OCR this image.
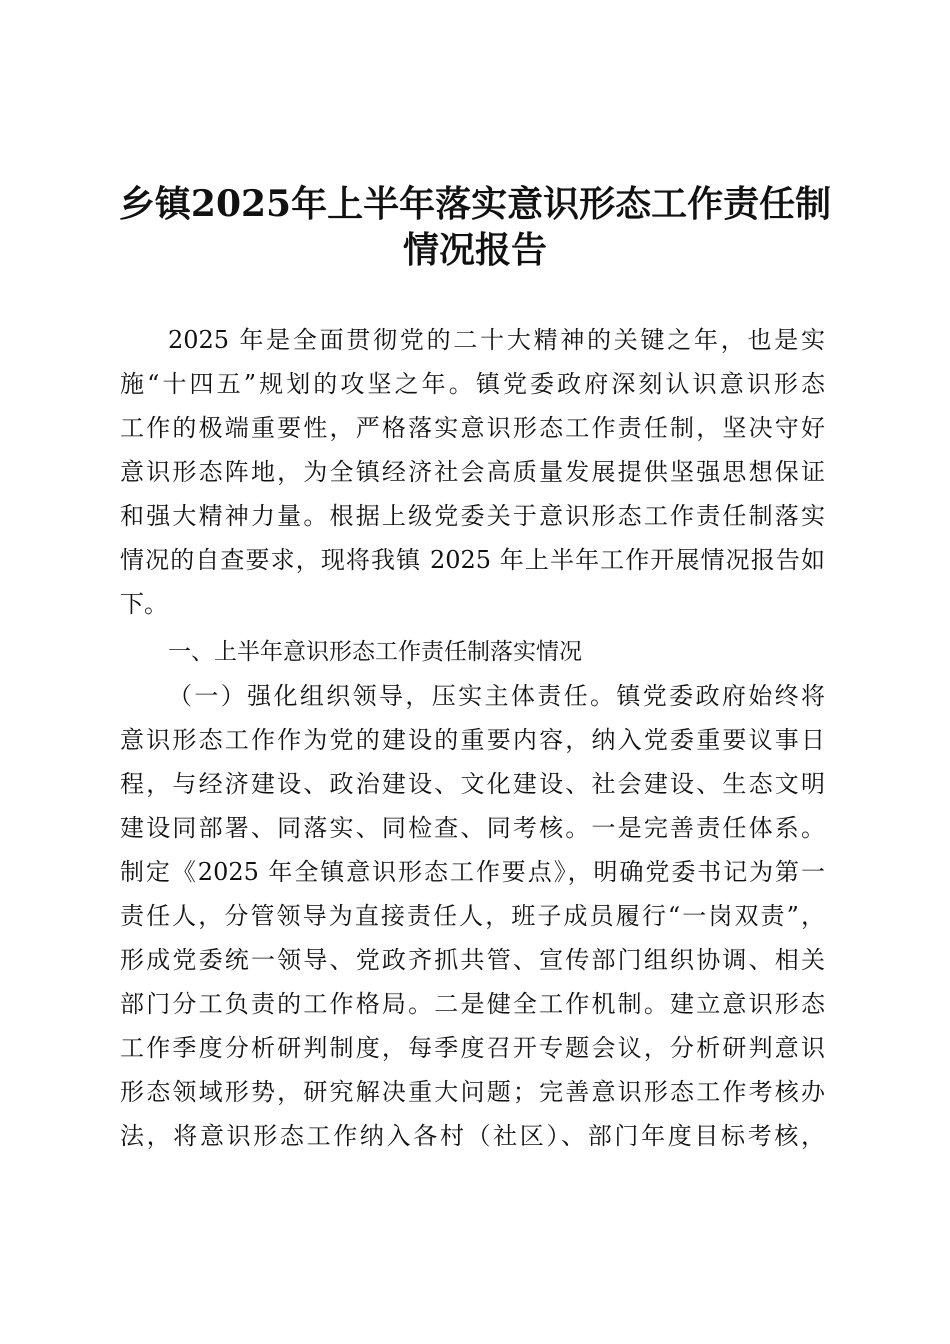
乡镇2025年上半年落实意识形态工作责任制
情况报告
2025 年是全面贯彻党的二十大精神的关键之年，也是实
施“十四五”规划的攻坚之年。镇党委政府深刻认识意识形态
工作的极端重要性，严格落实意识形态工作责任制，坚决守好
意识形态阵地，为全镇经济社会高质量发展提供坚强思想保证
和强大精神力量。根据上级党委关于意识形态工作责任制落实
情况的自查要求，现将我镇 2025 年上半年工作开展情况报告如
下。
一、上半年意识形态工作责任制落实情况
（一）强化组织领导，压实主体责任。镇党委政府始终将
意识形态工作作为党的建设的重要内容，纳入党委重要议事日
程，与经济建设、政治建设、文化建设、社会建设、生态文明
建设同部署、同落实、同检查、同考核。一是完善责任体系。
制定《2025 年全镇意识形态工作要点》，明确党委书记为第一
责任人，分管领导为直接责任人，班子成员履行“一岗双责”，
形成党委统一领导、党政齐抓共管、宣传部门组织协调、相关
部门分工负责的工作格局。二是健全工作机制。建立意识形态
工作季度分析研判制度，每季度召开专题会议，分析研判意识
形态领域形势，研究解决重大问题；完善意识形态工作考核办
法，将意识形态工作纳入各村（社区）、部门年度目标考核，
